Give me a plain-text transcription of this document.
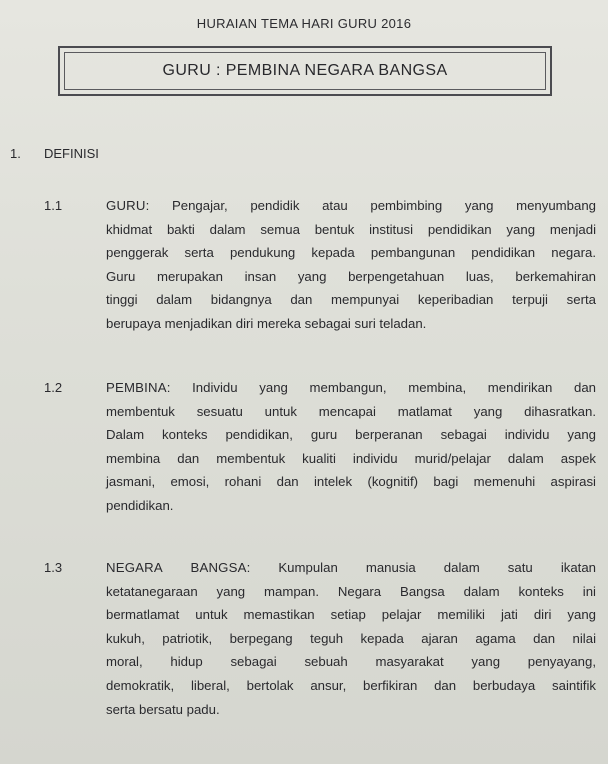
HURAIAN TEMA HARI GURU 2016
GURU : PEMBINA NEGARA BANGSA
1. DEFINISI
1.1	GURU: Pengajar, pendidik atau pembimbing yang menyumbang
khidmat bakti dalam semua bentuk institusi pendidikan yang menjadi
penggerak serta pendukung kepada pembangunan pendidikan negara.
Guru merupakan insan yang berpengetahuan luas, berkemahiran
tinggi dalam bidangnya dan mempunyai keperibadian terpuji serta
berupaya menjadikan diri mereka sebagai suri teladan.
1.2	PEMBINA: Individu yang membangun, membina, mendirikan dan
membentuk sesuatu untuk mencapai matlamat yang dihasratkan.
Dalam konteks pendidikan, guru berperanan sebagai individu yang
membina dan membentuk kualiti individu murid/pelajar dalam aspek
jasmani, emosi, rohani dan intelek (kognitif) bagi memenuhi aspirasi
pendidikan.
1.3	NEGARA BANGSA: Kumpulan manusia dalam satu ikatan
ketatanegaraan yang mampan. Negara Bangsa dalam konteks ini
bermatlamat untuk memastikan setiap pelajar memiliki jati diri yang
kukuh, patriotik, berpegang teguh kepada ajaran agama dan nilai
moral, hidup sebagai sebuah masyarakat yang penyayang,
demokratik, liberal, bertolak ansur, berfikiran dan berbudaya saintifik
serta bersatu padu.
